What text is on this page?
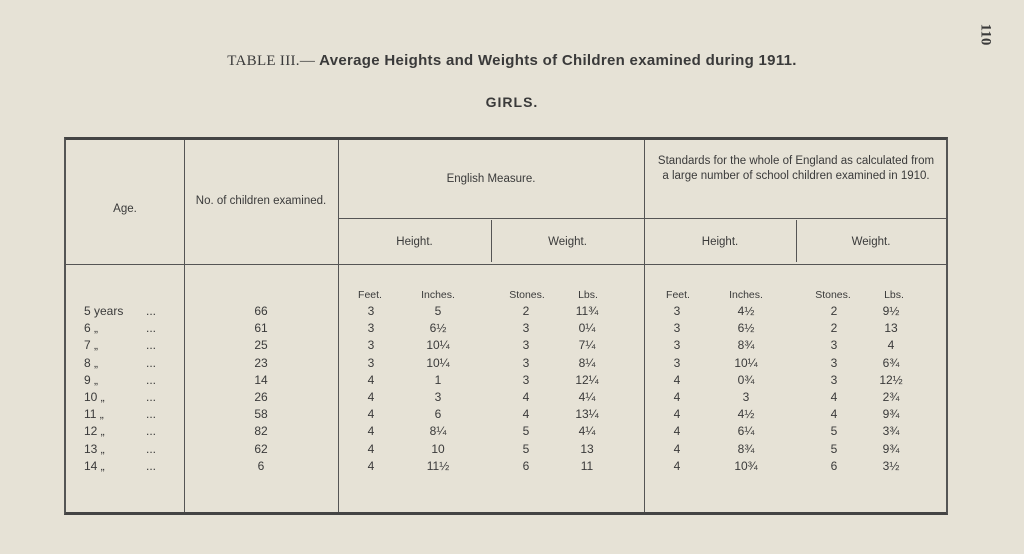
110
TABLE III.— Average Heights and Weights of Children examined during 1911.
GIRLS.
Age.
No. of children examined.
English Measure.
Standards for the whole of England as calculated from a large number of school children examined in 1910.
Height.	Weight.	Height.	Weight.
Feet.	Inches.	Stones.	Lbs.	Feet.	Inches.	Stones.	Lbs.
5 years	...	66	3	5	2	11¾	3	4½	2	9½
6 „	...	61	3	6½	3	0¼	3	6½	2	13
7 „	...	25	3	10¼	3	7¼	3	8¾	3	4
8 „	...	23	3	10¼	3	8¼	3	10¼	3	6¾
9 „	...	14	4	1	3	12¼	4	0¾	3	12½
10 „	...	26	4	3	4	4¼	4	3	4	2¾
11 „	...	58	4	6	4	13¼	4	4½	4	9¾
12 „	...	82	4	8¼	5	4¼	4	6¼	5	3¾
13 „	...	62	4	10	5	13	4	8¾	5	9¾
14 „	...	6	4	11½	6	11	4	10¾	6	3½
